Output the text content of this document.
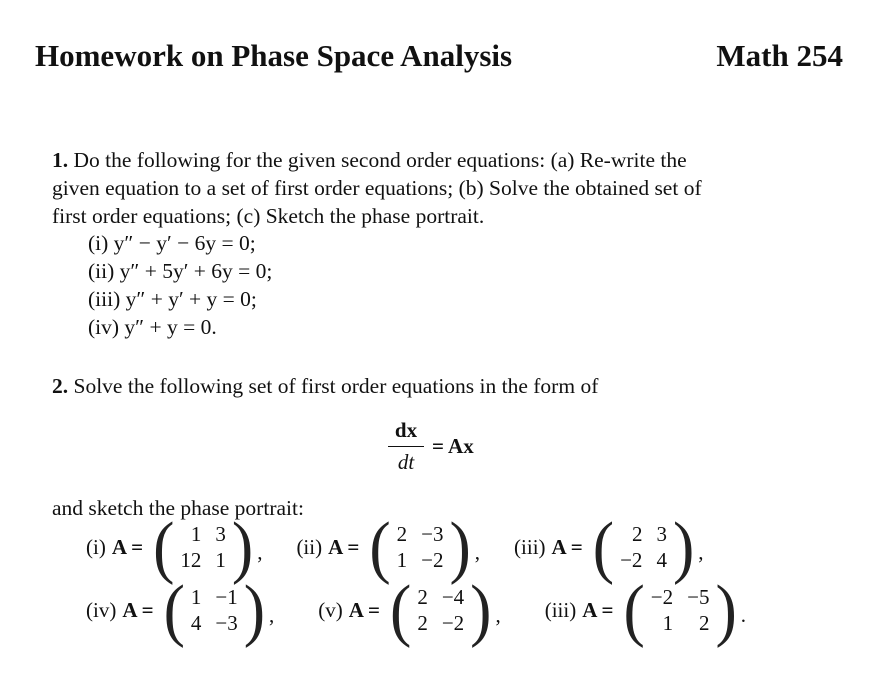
Homework on Phase Space Analysis	Math 254
1. Do the following for the given second order equations: (a) Re-write the
given equation to a set of first order equations; (b) Solve the obtained set of
first order equations; (c) Sketch the phase portrait.
(i) y″ − y′ − 6y = 0;
(ii) y″ + 5y′ + 6y = 0;
(iii) y″ + y′ + y = 0;
(iv) y″ + y = 0.
2. Solve the following set of first order equations in the form of
dx
dt
= Ax
and sketch the phase portrait:
(i) A = ( 1 3
12 1 ) , (ii) A = ( 2 −3
1 −2 ) , (iii) A = ( 2 3
−2 4 ) ,
(iv) A = ( 1 −1
4 −3 ) , (v) A = ( 2 −4
2 −2 ) , (iii) A = ( −2 −5
1	2 ) .
